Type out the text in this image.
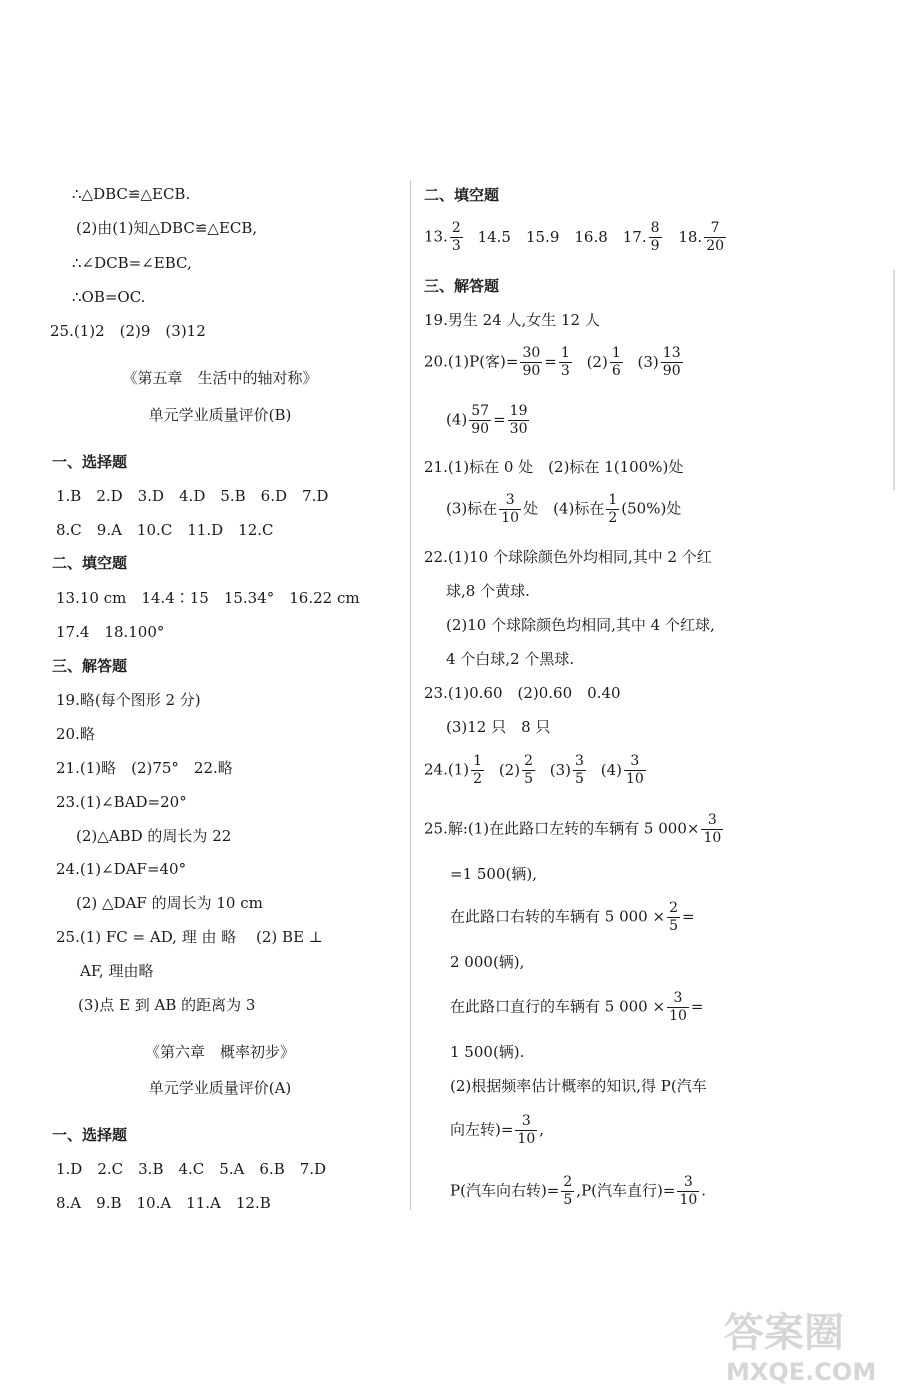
∴△DBC≌△ECB.
(2)由(1)知△DBC≌△ECB,
∴∠DCB=∠EBC,
∴OB=OC.
25.(1)2　(2)9　(3)12
《第五章　生活中的轴对称》
单元学业质量评价(B)
一、选择题
1.B　2.D　3.D　4.D　5.B　6.D　7.D
8.C　9.A　10.C　11.D　12.C
二、填空题
13.10 cm　14.4∶15　15.34°　16.22 cm
17.4　18.100°
三、解答题
19.略(每个图形 2 分)
20.略
21.(1)略　(2)75°　22.略
23.(1)∠BAD=20°
(2)△ABD 的周长为 22
24.(1)∠DAF=40°
(2) △DAF 的周长为 10 cm
25.(1) FC = AD, 理 由 略　 (2) BE ⊥
AF, 理由略
(3)点 E 到 AB 的距离为 3
《第六章　概率初步》
单元学业质量评价(A)
一、选择题
1.D　2.C　3.B　4.C　5.A　6.B　7.D
8.A　9.B　10.A　11.A　12.B
二、填空题
13. $\frac{2}{3} 14.5$　15.9　16.8　17. $\frac{8}{9} 18$. $\frac{7}{20}$
三、解答题
19.男生 24 人,女生 12 人
20.(1)P(客)= $\frac{30}{90} = \frac{1}{3} (2) \frac{1}{6} (3) \frac{13}{90}$
$(4) \frac{57}{90} = \frac{19}{30}$
21.(1)标在 0 处　(2)标在 1(100%)处
(3)标在 $\frac{3}{10}$ 处　(4)标在 $\frac{1}{2} (50\%)$处
22.(1)10 个球除颜色外均相同,其中 2 个红
球,8 个黄球.
(2)10 个球除颜色均相同,其中 4 个红球,
4 个白球,2 个黑球.
23.(1)0.60　(2)0.60　0.40
(3)12 只　8 只
$24.(1) \frac{1}{2} (2) \frac{2}{5} (3) \frac{3}{5} (4) \frac{3}{10}$
25.解:(1)在此路口左转的车辆有 5 $000\times \frac{3}{10}$
=1 500(辆),
在此路口右转的车辆有 5 $000 \times \frac{2}{5}$ =
2 000(辆),
在此路口直行的车辆有 5 $000 \times \frac{3}{10}$ =
1 500(辆).
(2)根据频率估计概率的知识,得 P(汽车
向左转)= $\frac{3}{10}$ ,
P(汽车向右转)= $\frac{2}{5} ,P$(汽车直行)= $\frac{3}{10}$ .
答案圈
MXQE.COM
